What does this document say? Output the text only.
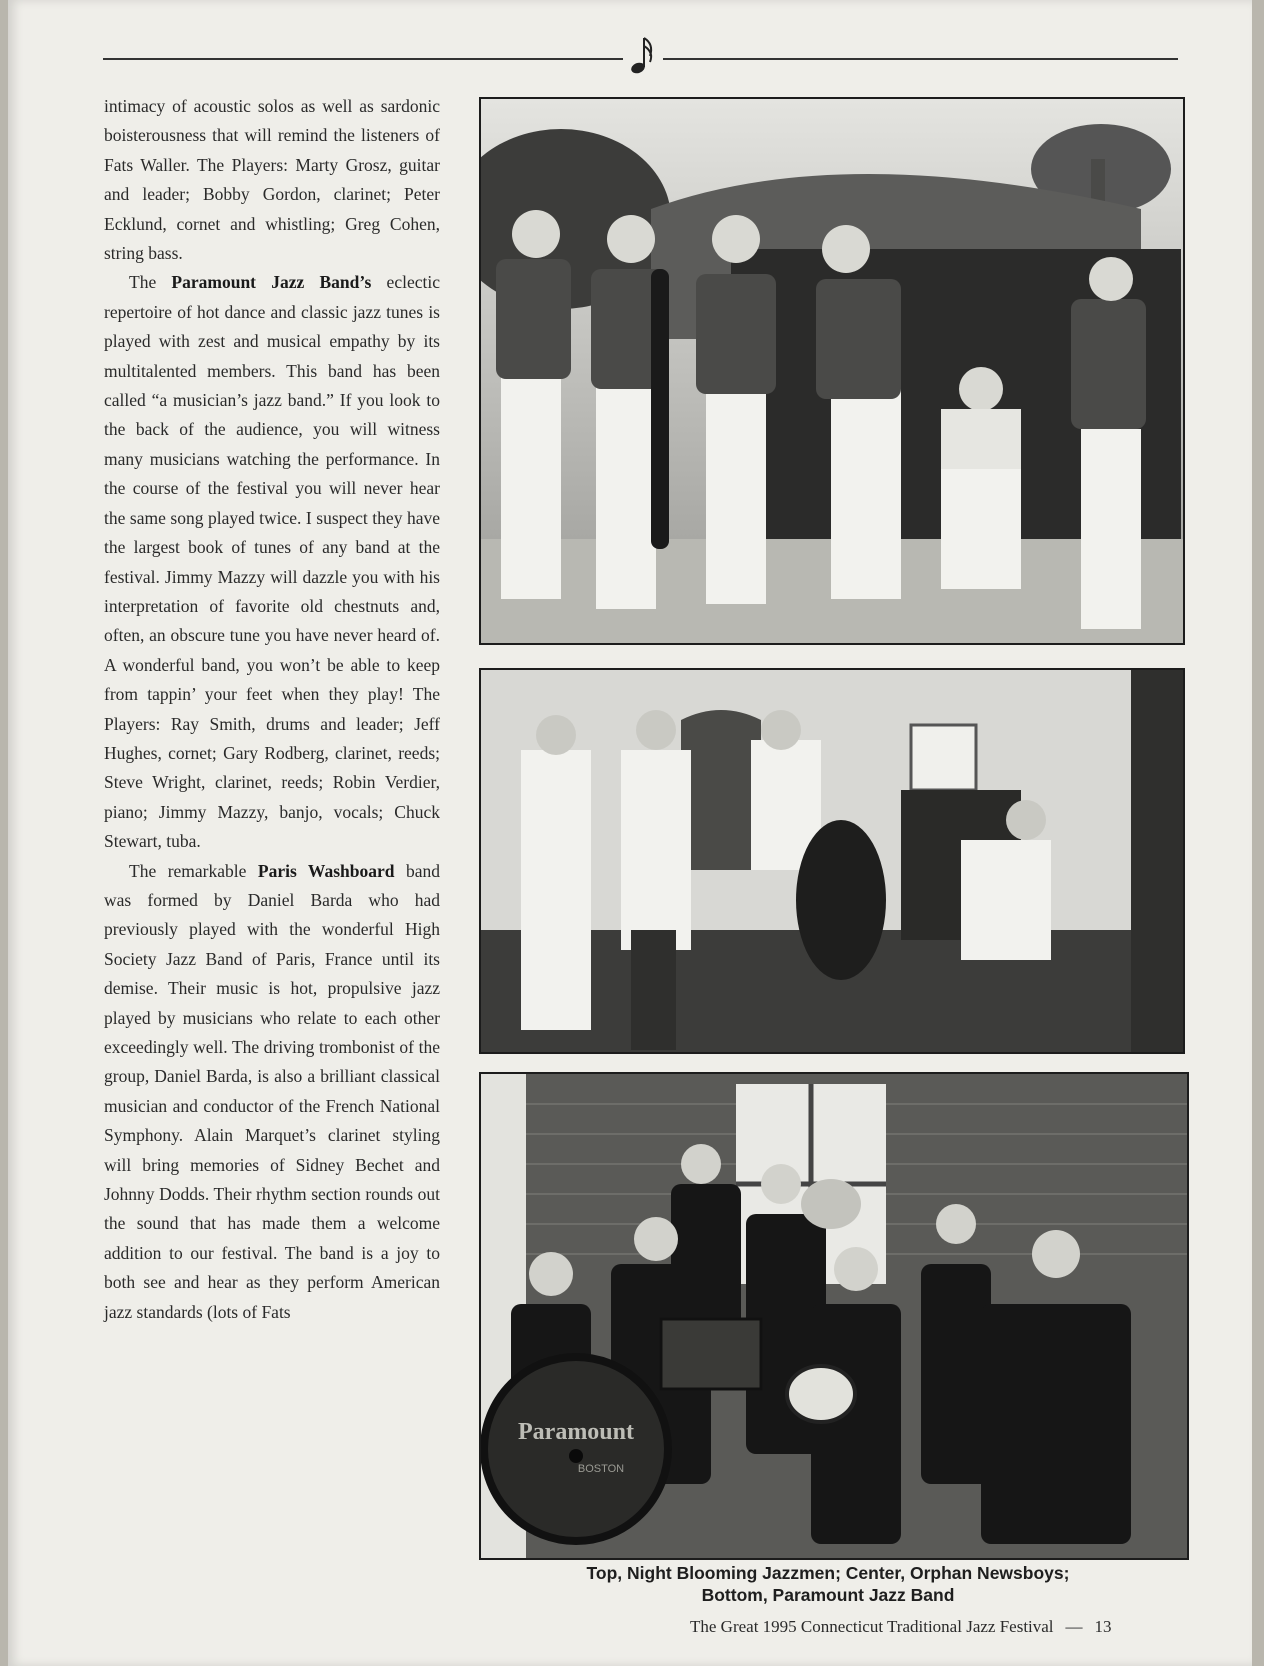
intimacy of acoustic solos as well as sardonic boisterousness that will remind the listeners of Fats Waller. The Players: Marty Grosz, guitar and leader; Bobby Gordon, clarinet; Peter Ecklund, cornet and whistling; Greg Cohen, string bass.

The Paramount Jazz Band’s eclectic repertoire of hot dance and classic jazz tunes is played with zest and musical empathy by its multitalented members. This band has been called “a musician’s jazz band.” If you look to the back of the audience, you will witness many musicians watching the performance. In the course of the festival you will never hear the same song played twice. I suspect they have the largest book of tunes of any band at the festival. Jimmy Mazzy will dazzle you with his interpretation of favorite old chestnuts and, often, an obscure tune you have never heard of. A wonderful band, you won’t be able to keep from tappin’ your feet when they play! The Players: Ray Smith, drums and leader; Jeff Hughes, cornet; Gary Rodberg, clarinet, reeds; Steve Wright, clarinet, reeds; Robin Verdier, piano; Jimmy Mazzy, banjo, vocals; Chuck Stewart, tuba.

The remarkable Paris Washboard band was formed by Daniel Barda who had previously played with the wonderful High Society Jazz Band of Paris, France until its demise. Their music is hot, propulsive jazz played by musicians who relate to each other exceedingly well. The driving trombonist of the group, Daniel Barda, is also a brilliant classical musician and conductor of the French National Symphony. Alain Marquet’s clarinet styling will bring memories of Sidney Bechet and Johnny Dodds. Their rhythm section rounds out the sound that has made them a welcome addition to our festival. The band is a joy to both see and hear as they perform American jazz standards (lots of Fats

Paramount
BOSTON
Top, Night Blooming Jazzmen; Center, Orphan Newsboys;
Bottom, Paramount Jazz Band
The Great 1995 Connecticut Traditional Jazz Festival — 13
